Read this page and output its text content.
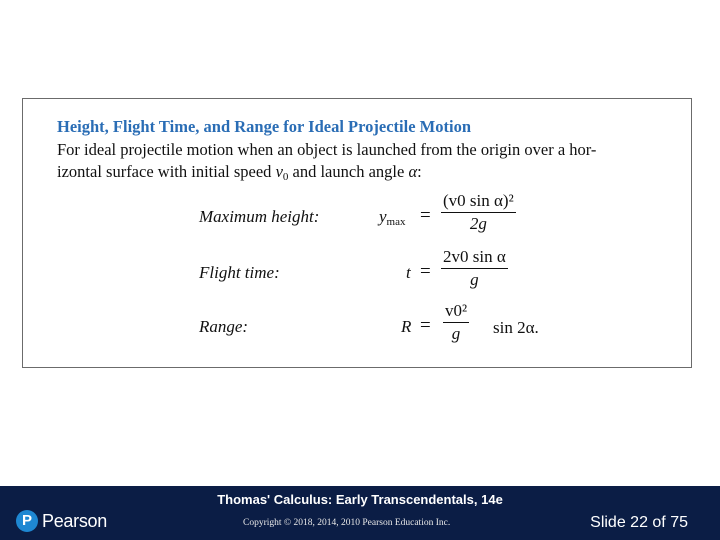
Height, Flight Time, and Range for Ideal Projectile Motion
For ideal projectile motion when an object is launched from the origin over a hor-
izontal surface with initial speed $v_0$ and launch angle α:
Maximum height:	$y_{max}$ =
(v0 sin α)²
2g
Flight time:	t =
2v0 sin α
g
Range:	R =
v0²
g	sin 2α.
P Pearson
Thomas' Calculus: Early Transcendentals, 14e
Copyright © 2018, 2014, 2010 Pearson Education Inc.	Slide 22 of 75
